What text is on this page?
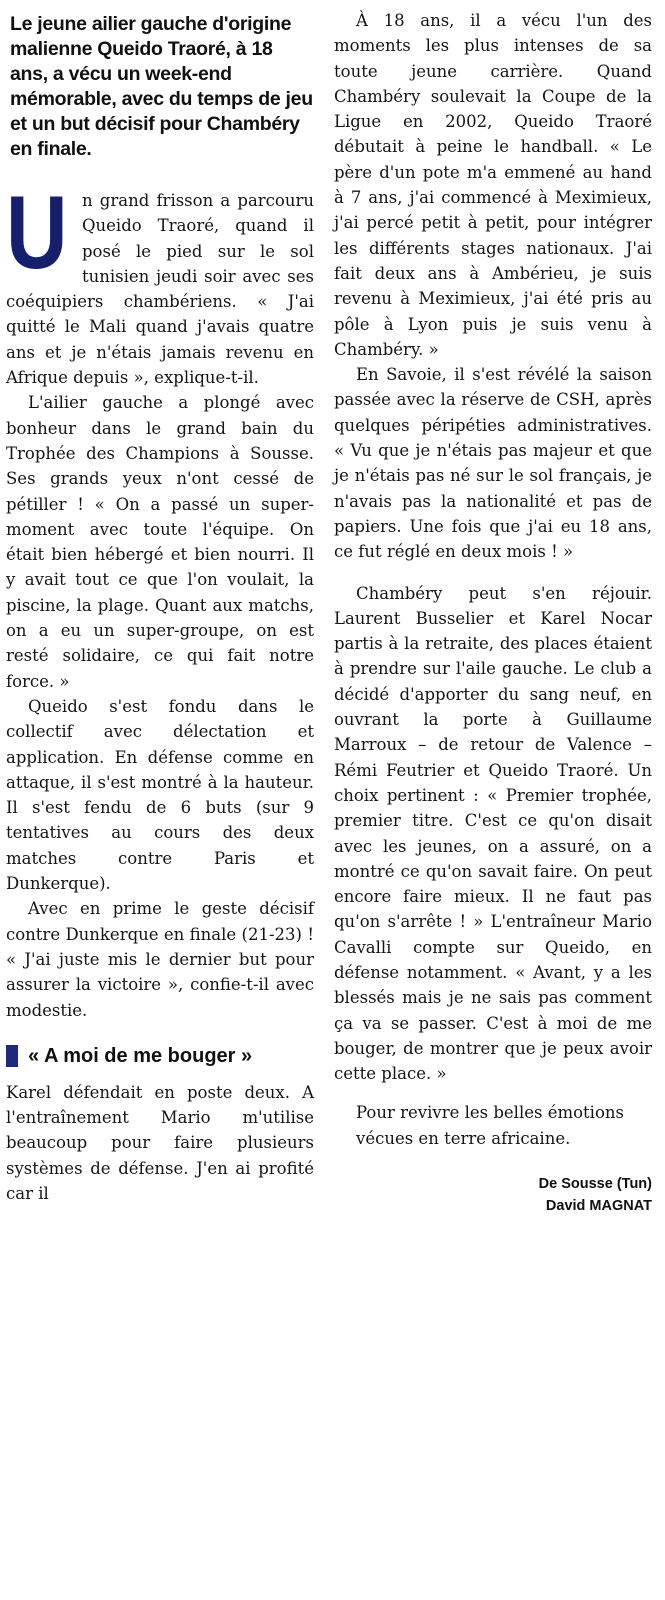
Le jeune ailier gauche d'origine malienne Queido Traoré, à 18 ans, a vécu un week-end mémorable, avec du temps de jeu et un but décisif pour Chambéry en finale.

Un grand frisson a parcouru Queido Traoré, quand il posé le pied sur le sol tunisien jeudi soir avec ses coéquipiers chambériens. « J'ai quitté le Mali quand j'avais quatre ans et je n'étais jamais revenu en Afrique depuis », explique-t-il.

L'ailier gauche a plongé avec bonheur dans le grand bain du Trophée des Champions à Sousse. Ses grands yeux n'ont cessé de pétiller ! « On a passé un super-moment avec toute l'équipe. On était bien hébergé et bien nourri. Il y avait tout ce que l'on voulait, la piscine, la plage. Quant aux matchs, on a eu un super-groupe, on est resté solidaire, ce qui fait notre force. »

Queido s'est fondu dans le collectif avec délectation et application. En défense comme en attaque, il s'est montré à la hauteur. Il s'est fendu de 6 buts (sur 9 tentatives au cours des deux matches contre Paris et Dunkerque).

Avec en prime le geste décisif contre Dunkerque en finale (21-23) ! « J'ai juste mis le dernier but pour assurer la victoire », confie-t-il avec modestie.

« A moi de me bouger »

Karel défendait en poste deux. A l'entraînement Mario m'utilise beaucoup pour faire plusieurs systèmes de défense. J'en ai profité car il

À 18 ans, il a vécu l'un des moments les plus intenses de sa toute jeune carrière. Quand Chambéry soulevait la Coupe de la Ligue en 2002, Queido Traoré débutait à peine le handball. « Le père d'un pote m'a emmené au hand à 7 ans, j'ai commencé à Meximieux, j'ai percé petit à petit, pour intégrer les différents stages nationaux. J'ai fait deux ans à Ambérieu, je suis revenu à Meximieux, j'ai été pris au pôle à Lyon puis je suis venu à Chambéry. »

En Savoie, il s'est révélé la saison passée avec la réserve de CSH, après quelques péripéties administratives. « Vu que je n'étais pas majeur et que je n'étais pas né sur le sol français, je n'avais pas la nationalité et pas de papiers. Une fois que j'ai eu 18 ans, ce fut réglé en deux mois ! »

Chambéry peut s'en réjouir. Laurent Busselier et Karel Nocar partis à la retraite, des places étaient à prendre sur l'aile gauche. Le club a décidé d'apporter du sang neuf, en ouvrant la porte à Guillaume Marroux – de retour de Valence – Rémi Feutrier et Queido Traoré. Un choix pertinent : « Premier trophée, premier titre. C'est ce qu'on disait avec les jeunes, on a assuré, on a montré ce qu'on savait faire. On peut encore faire mieux. Il ne faut pas qu'on s'arrête ! » L'entraîneur Mario Cavalli compte sur Queido, en défense notamment. « Avant, y a les blessés mais je ne sais pas comment ça va se passer. C'est à moi de me bouger, de montrer que je peux avoir cette place. »

Pour revivre les belles émotions vécues en terre africaine.

De Sousse (Tun)
David MAGNAT
